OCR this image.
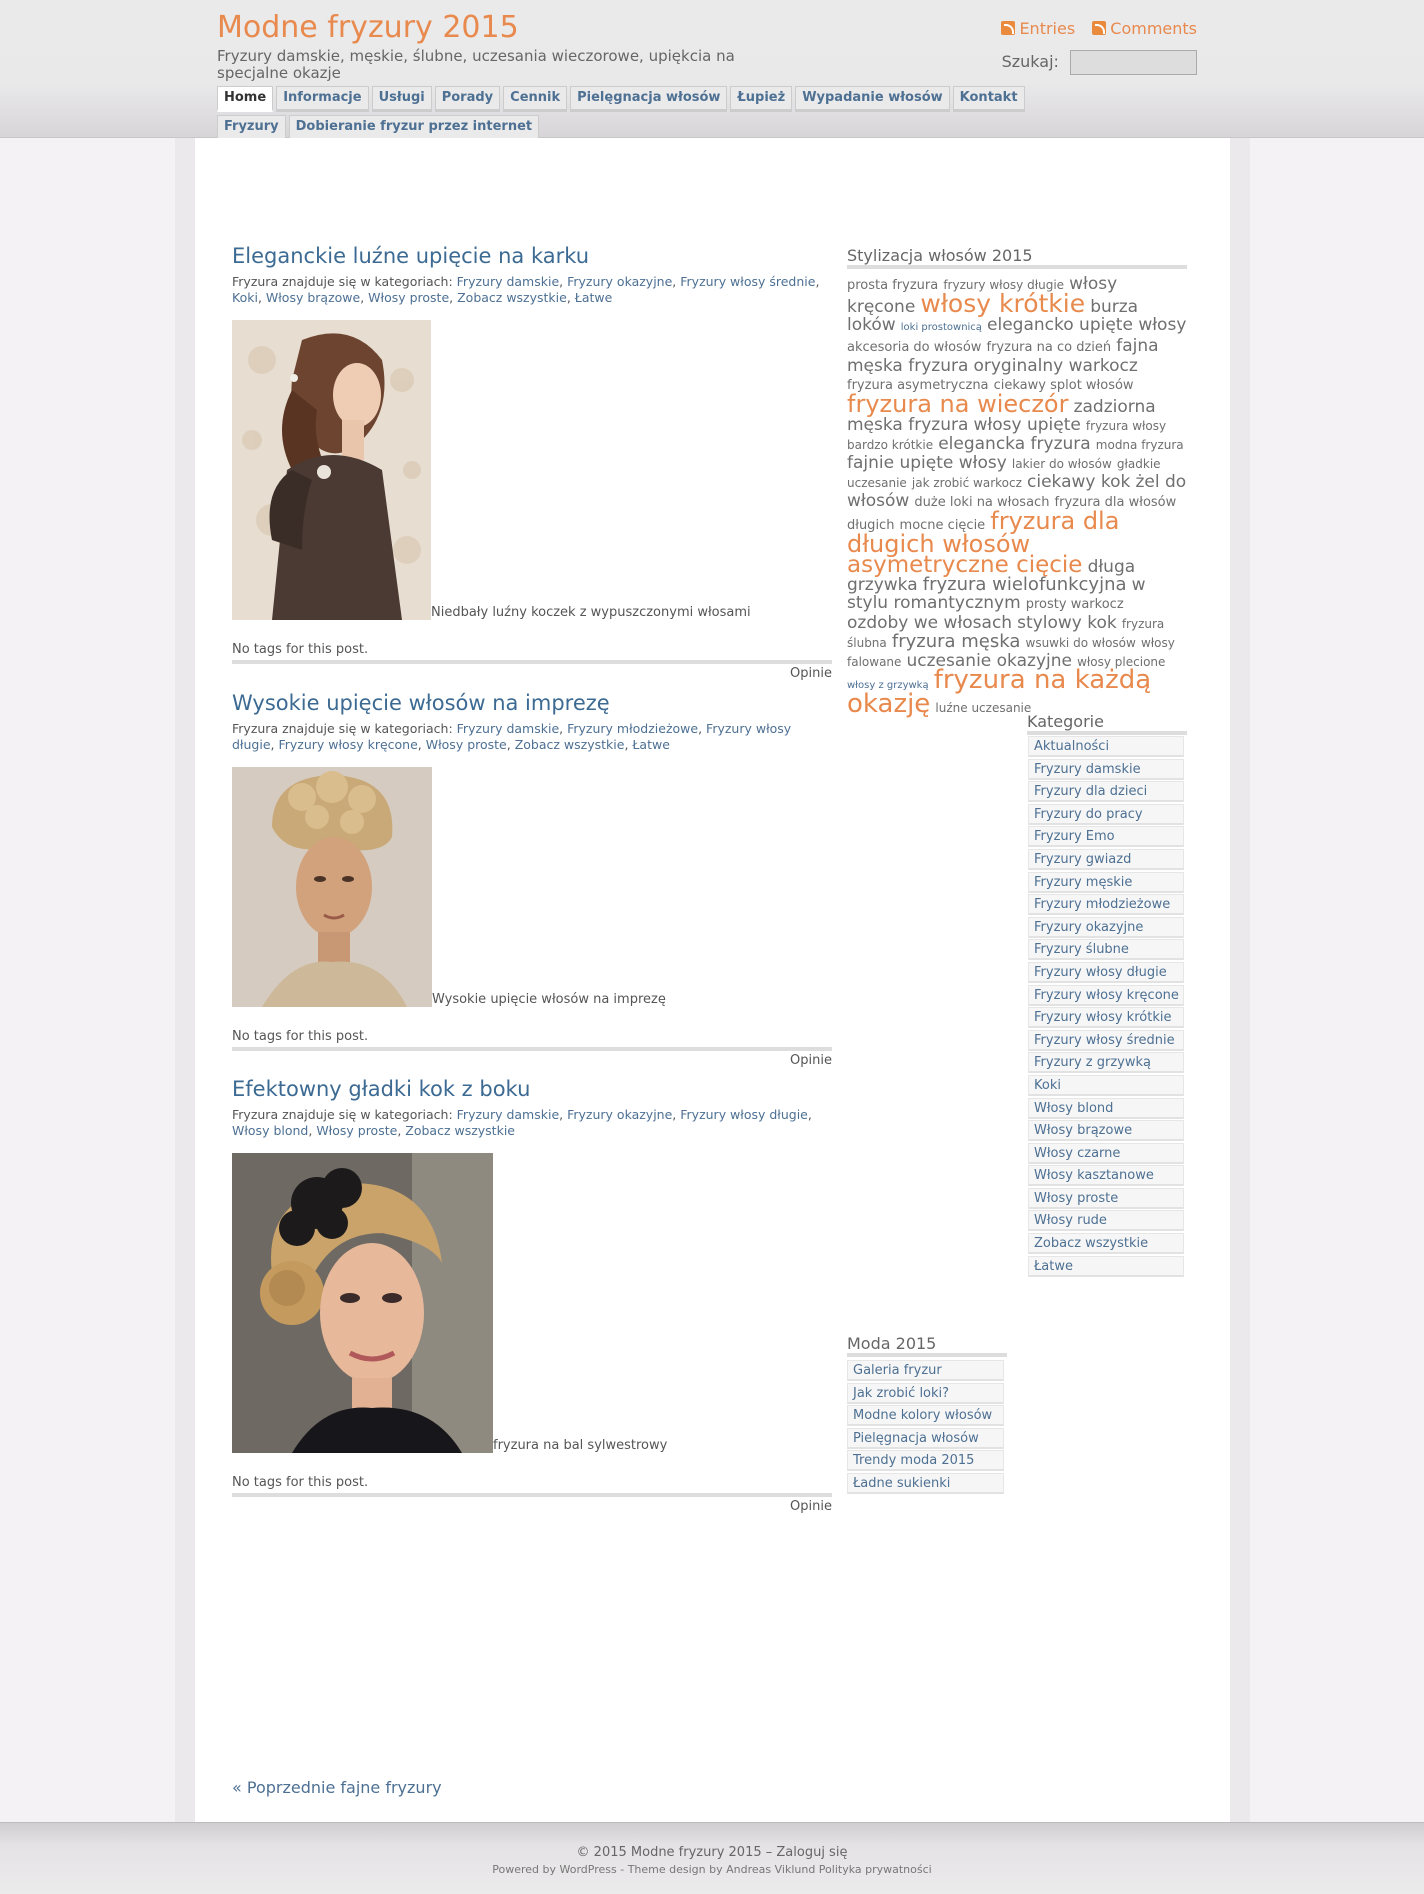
Modne fryzury 2015
Fryzury damskie, męskie, ślubne, uczesania wieczorowe, upiękcia na specjalne okazje
Entries Comments
Szukaj:
Home	Informacje	Usługi	Porady	Cennik	Pielęgnacja włosów	Łupież	Wypadanie włosów	Kontakt
Fryzury	Dobieranie fryzur przez internet
Eleganckie luźne upięcie na karku
Fryzura znajduje się w kategoriach: Fryzury damskie, Fryzury okazyjne, Fryzury włosy średnie, Koki, Włosy brązowe, Włosy proste, Zobacz wszystkie, Łatwe
Niedbały luźny koczek z wypuszczonymi włosami
No tags for this post.
Opinie
Wysokie upięcie włosów na imprezę
Fryzura znajduje się w kategoriach: Fryzury damskie, Fryzury młodzieżowe, Fryzury włosy długie, Fryzury włosy kręcone, Włosy proste, Zobacz wszystkie, Łatwe
Wysokie upięcie włosów na imprezę
No tags for this post.
Opinie
Efektowny gładki kok z boku
Fryzura znajduje się w kategoriach: Fryzury damskie, Fryzury okazyjne, Fryzury włosy długie, Włosy blond, Włosy proste, Zobacz wszystkie
fryzura na bal sylwestrowy
No tags for this post.
Opinie
Stylizacja włosów 2015
prosta fryzura fryzury włosy długie włosy kręcone włosy krótkie burza loków loki prostownicą elegancko upięte włosy akcesoria do włosów fryzura na co dzień fajna męska fryzura oryginalny warkocz fryzura asymetryczna ciekawy splot włosów fryzura na wieczór zadziorna męska fryzura włosy upięte fryzura włosy bardzo krótkie elegancka fryzura modna fryzura fajnie upięte włosy lakier do włosów gładkie uczesanie jak zrobić warkocz ciekawy kok żel do włosów duże loki na włosach fryzura dla włosów długich mocne cięcie fryzura dla długich włosów asymetryczne cięcie długa grzywka fryzura wielofunkcyjna w stylu romantycznym prosty warkocz ozdoby we włosach stylowy kok fryzura ślubna fryzura męska wsuwki do włosów włosy falowane uczesanie okazyjne włosy plecione włosy z grzywką fryzura na każdą okazję luźne uczesanie
Kategorie
Aktualności
Fryzury damskie
Fryzury dla dzieci
Fryzury do pracy
Fryzury Emo
Fryzury gwiazd
Fryzury męskie
Fryzury młodzieżowe
Fryzury okazyjne
Fryzury ślubne
Fryzury włosy długie
Fryzury włosy kręcone
Fryzury włosy krótkie
Fryzury włosy średnie
Fryzury z grzywką
Koki
Włosy blond
Włosy brązowe
Włosy czarne
Włosy kasztanowe
Włosy proste
Włosy rude
Zobacz wszystkie
Łatwe
Moda 2015
Galeria fryzur
Jak zrobić loki?
Modne kolory włosów
Pielęgnacja włosów
Trendy moda 2015
Ładne sukienki
« Poprzednie fajne fryzury
© 2015 Modne fryzury 2015 – Zaloguj się
Powered by WordPress - Theme design by Andreas Viklund Polityka prywatności
